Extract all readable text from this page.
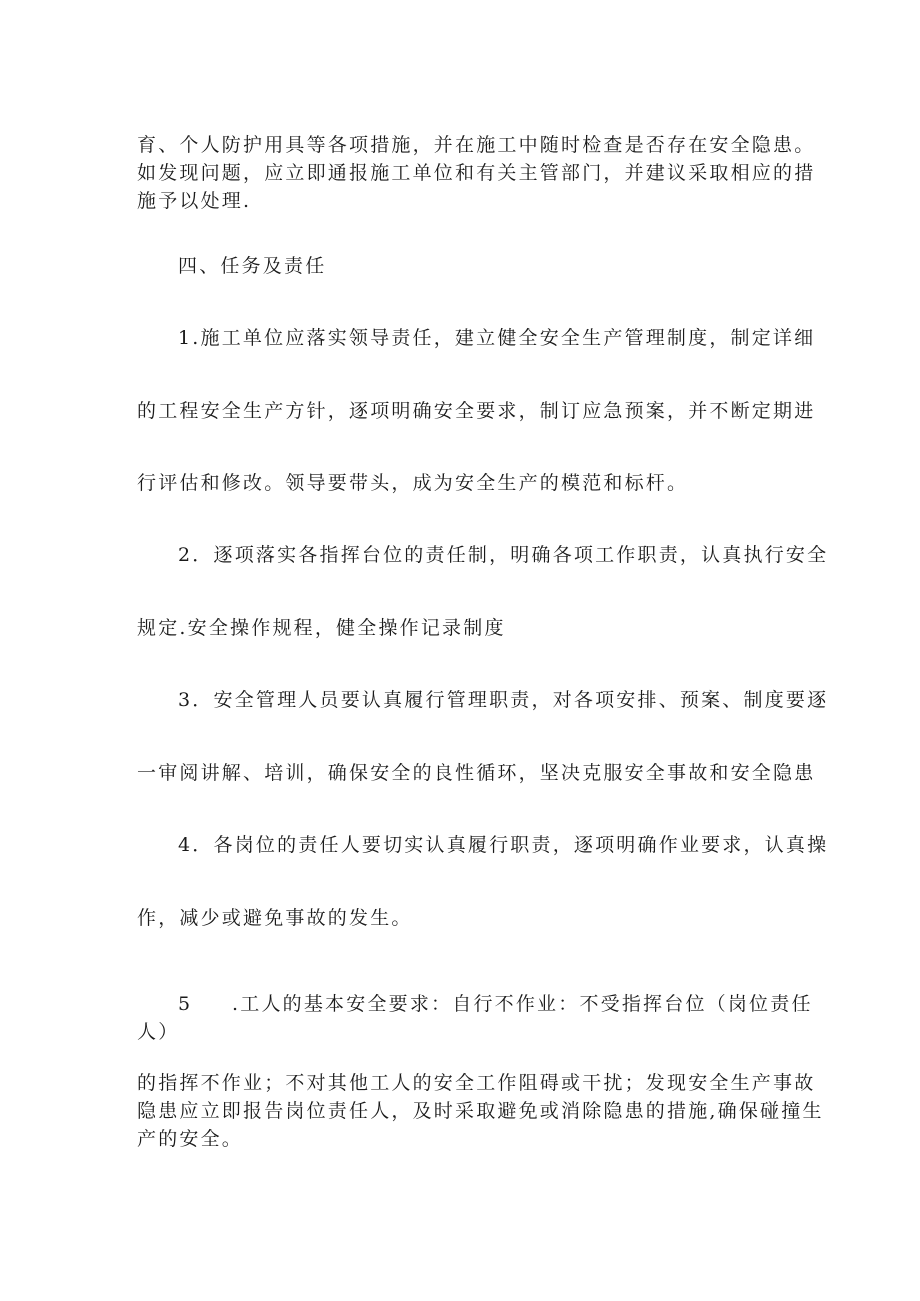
育、个人防护用具等各项措施，并在施工中随时检查是否存在安全隐患。
如发现问题，应立即通报施工单位和有关主管部门，并建议采取相应的措
施予以处理.
四、任务及责任
1.施工单位应落实领导责任，建立健全安全生产管理制度，制定详细
的工程安全生产方针，逐项明确安全要求，制订应急预案，并不断定期进
行评估和修改。领导要带头，成为安全生产的模范和标杆。
2．逐项落实各指挥台位的责任制，明确各项工作职责，认真执行安全
规定.安全操作规程，健全操作记录制度
3．安全管理人员要认真履行管理职责，对各项安排、预案、制度要逐
一审阅讲解、培训，确保安全的良性循环，坚决克服安全事故和安全隐患
4．各岗位的责任人要切实认真履行职责，逐项明确作业要求，认真操
作，减少或避免事故的发生。
5 .工人的基本安全要求：自行不作业：不受指挥台位（岗位责任
人）
的指挥不作业；不对其他工人的安全工作阻碍或干扰；发现安全生产事故
隐患应立即报告岗位责任人，及时采取避免或消除隐患的措施,确保碰撞生
产的安全。
